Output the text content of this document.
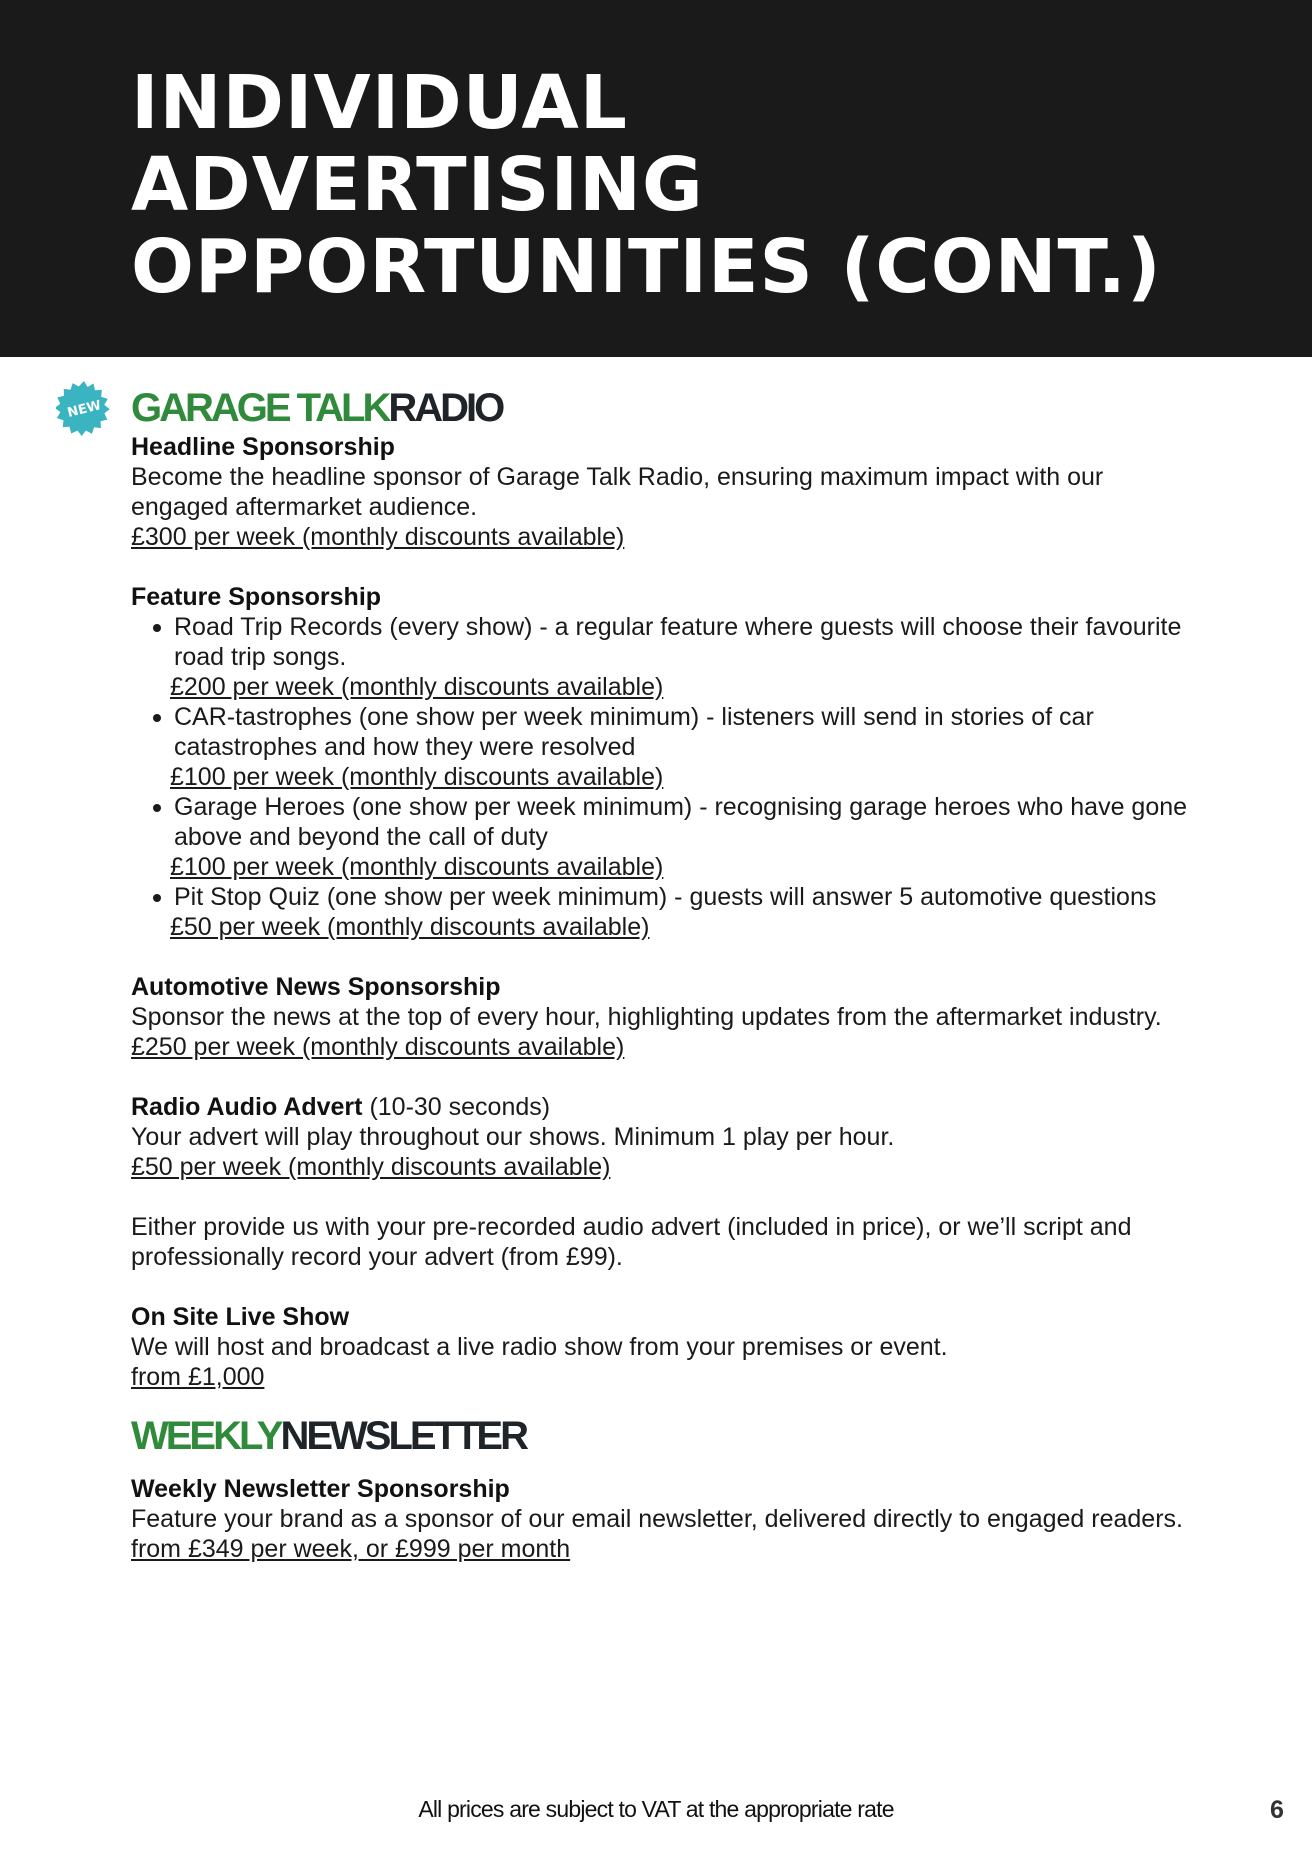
INDIVIDUAL
ADVERTISING
OPPORTUNITIES (CONT.)
NEW GARAGE TALKRADIO
Headline Sponsorship
Become the headline sponsor of Garage Talk Radio, ensuring maximum impact with our engaged aftermarket audience.
£300 per week (monthly discounts available)
Feature Sponsorship
Road Trip Records (every show) - a regular feature where guests will choose their favourite road trip songs.
£200 per week (monthly discounts available)
CAR-tastrophes (one show per week minimum) - listeners will send in stories of car catastrophes and how they were resolved
£100 per week (monthly discounts available)
Garage Heroes (one show per week minimum) - recognising garage heroes who have gone above and beyond the call of duty
£100 per week (monthly discounts available)
Pit Stop Quiz (one show per week minimum) - guests will answer 5 automotive questions
£50 per week (monthly discounts available)
Automotive News Sponsorship
Sponsor the news at the top of every hour, highlighting updates from the aftermarket industry.
£250 per week (monthly discounts available)
Radio Audio Advert (10-30 seconds)
Your advert will play throughout our shows. Minimum 1 play per hour.
£50 per week (monthly discounts available)
Either provide us with your pre-recorded audio advert (included in price), or we’ll script and professionally record your advert (from £99).
On Site Live Show
We will host and broadcast a live radio show from your premises or event.
from £1,000
WEEKLYNEWSLETTER
Weekly Newsletter Sponsorship
Feature your brand as a sponsor of our email newsletter, delivered directly to engaged readers.
from £349 per week, or £999 per month
All prices are subject to VAT at the appropriate rate	6
